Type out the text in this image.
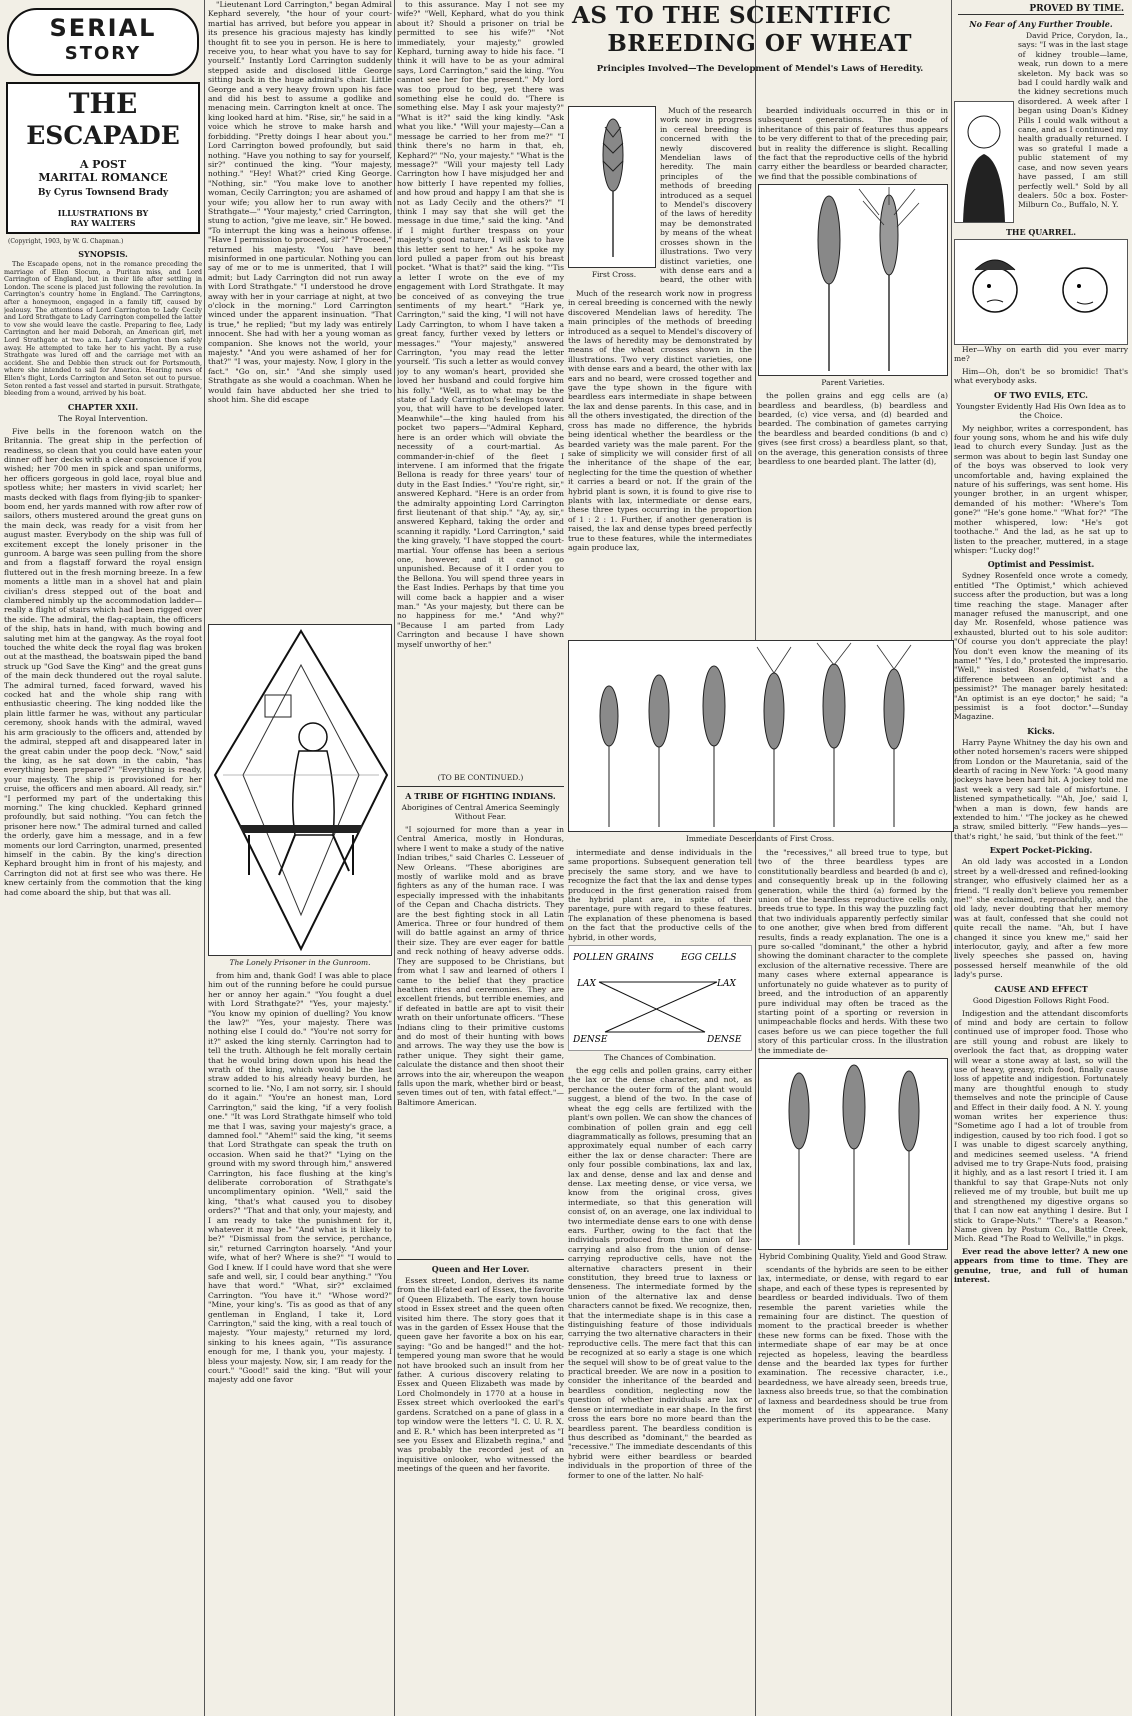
SERIAL
STORY
THE
ESCAPADE
A POST
MARITAL ROMANCE
By Cyrus Townsend Brady
ILLUSTRATIONS BY
RAY WALTERS
(Copyright, 1903, by W. G. Chapman.)
SYNOPSIS.

The Escapade opens, not in the romance preceding the marriage of Ellen Slocum, a Puritan miss, and Lord Carrington of England, but in their life after settling in London. The scene is placed just following the revolution. In Carrington's country home in England. The Carringtons, after a honeymoon, engaged in a family tiff, caused by jealousy. The attentions of Lord Carrington to Lady Cecily and Lord Strathgate to Lady Carrington compelled the latter to vow she would leave the castle. Preparing to flee, Lady Carrington and her maid Deborah, an American girl, met Lord Strathgate at two a.m. Lady Carrington then safely away. He attempted to take her to his yacht. By a ruse Strathgate was lured off and the carriage met with an accident. She and Debbie then struck out for Portsmouth, where she intended to sail for America. Hearing news of Ellen's flight, Lords Carrington and Seton set out to pursue. Seton rented a fast vessel and started in pursuit. Strathgate, bleeding from a wound, arrived by his boat.

CHAPTER XXII.
The Royal Intervention.

Five bells in the forenoon watch on the Britannia. The great ship in the perfection of readiness, so clean that you could have eaten your dinner off her decks with a clear conscience if you wished; her 700 men in spick and span uniforms, her officers gorgeous in gold lace, royal blue and spotless white; her masters in vivid scarlet; her masts decked with flags from flying-jib to spanker-boom end, her yards manned with row after row of sailors, others mustered around the great guns on the main deck, was ready for a visit from her august master. Everybody on the ship was full of excitement except the lonely prisoner in the gunroom. A barge was seen pulling from the shore and from a flagstaff forward the royal ensign fluttered out in the fresh morning breeze. In a few moments a little man in a shovel hat and plain civilian's dress stepped out of the boat and clambered nimbly up the accommodation ladder—really a flight of stairs which had been rigged over the side. The admiral, the flag-captain, the officers of the ship, hats in hand, with much bowing and saluting met him at the gangway. As the royal foot touched the white deck the royal flag was broken out at the masthead, the boatswain piped the band struck up "God Save the King" and the great guns of the main deck thundered out the royal salute. The admiral turned, faced forward, waved his cocked hat and the whole ship rang with enthusiastic cheering. The king nodded like the plain little farmer he was, without any particular ceremony, shook hands with the admiral, waved his arm graciously to the officers and, attended by the admiral, stepped aft and disappeared later in the great cabin under the poop deck. "Now," said the king, as he sat down in the cabin, "has everything been prepared?" "Everything is ready, your majesty. The ship is provisioned for her cruise, the officers and men aboard. All ready, sir." "I performed my part of the undertaking this morning." The king chuckled. Kephard grinned profoundly, but said nothing. "You can fetch the prisoner here now." The admiral turned and called the orderly, gave him a message, and in a few moments our lord Carrington, unarmed, presented himself in the cabin. By the king's direction Kephard brought him in front of his majesty, and Carrington did not at first see who was there. He knew certainly from the commotion that the king had come aboard the ship, but that was all.

"Lieutenant Lord Carrington," began Admiral Kephard severely, "the hour of your court-martial has arrived, but before you appear in its presence his gracious majesty has kindly thought fit to see you in person. He is here to receive you, to hear what you have to say for yourself." Instantly Lord Carrington suddenly stepped aside and disclosed little George sitting back in the huge admiral's chair. Little George and a very heavy frown upon his face and did his best to assume a godlike and menacing mein. Carrington knelt at once. The king looked hard at him. "Rise, sir," he said in a voice which he strove to make harsh and forbidding. "Pretty doings I hear about you." Lord Carrington bowed profoundly, but said nothing. "Have you nothing to say for yourself, sir?" continued the king. "Your majesty, nothing." "Hey! What?" cried King George. "Nothing, sir." "You make love to another woman, Cecily Carrington; you are ashamed of your wife; you allow her to run away with Strathgate—" "Your majesty," cried Carrington, stung to action, "give me leave, sir." He bowed. "To interrupt the king was a heinous offense. "Have I permission to proceed, sir?" "Proceed," returned his majesty. "You have been misinformed in one particular. Nothing you can say of me or to me is unmerited, that I will admit; but Lady Carrington did not run away with Lord Strathgate." "I understood he drove away with her in your carriage at night, at two o'clock in the morning." Lord Carrington winced under the apparent insinuation. "That is true," he replied; "but my lady was entirely innocent. She had with her a young woman as companion. She knows not the world, your majesty." "And you were ashamed of her for that?" "I was, your majesty. Now, I glory in the fact." "Go on, sir." "And she simply used Strathgate as she would a coachman. When he would fain have abducted her she tried to shoot him. She did escape

The Lonely Prisoner in the Gunroom.

from him and, thank God! I was able to place him out of the running before he could pursue her or annoy her again." "You fought a duel with Lord Strathgate?" "Yes, your majesty." "You know my opinion of duelling? You know the law?" "Yes, your majesty. There was nothing else I could do." "You're not sorry for it?" asked the king sternly. Carrington had to tell the truth. Although he felt morally certain that he would bring down upon his head the wrath of the king, which would be the last straw added to his already heavy burden, he scorned to lie. "No, I am not sorry, sir. I should do it again." "You're an honest man, Lord Carrington," said the king, "if a very foolish one." "It was Lord Strathgate himself who told me that I was, saving your majesty's grace, a damned fool." "Ahem!" said the king, "it seems that Lord Strathgate can speak the truth on occasion. When said he that?" "Lying on the ground with my sword through him," answered Carrington, his face flushing at the king's deliberate corroboration of Strathgate's uncomplimentary opinion. "Well," said the king, "that's what caused you to disobey orders?" "That and that only, your majesty, and I am ready to take the punishment for it, whatever it may be." "And what is it likely to be?" "Dismissal from the service, perchance, sir," returned Carrington hoarsely. "And your wife, what of her? Where is she?" "I would to God I knew. If I could have word that she were safe and well, sir, I could bear anything." "You have that word." "What, sir?" exclaimed Carrington. "You have it." "Whose word?" "Mine, your king's. 'Tis as good as that of any gentleman in England, I take it, Lord Carrington," said the king, with a real touch of majesty. "Your majesty," returned my lord, sinking to his knees again, "'Tis assurance enough for me, I thank you, your majesty. I bless your majesty. Now, sir, I am ready for the court." "Good!" said the king. "But will your majesty add one favor

to this assurance. May I not see my wife?" "Well, Kephard, what do you think about it? Should a prisoner on trial be permitted to see his wife?" "Not immediately, your majesty," growled Kephard, turning away to hide his face. "I think it will have to be as your admiral says, Lord Carrington," said the king. "You cannot see her for the present." My lord was too proud to beg, yet there was something else he could do. "There is something else. May I ask your majesty?" "What is it?" said the king kindly. "Ask what you like." "Will your majesty—Can a message be carried to her from me?" "I think there's no harm in that, eh, Kephard?" "No, your majesty." "What is the message?" "Will your majesty tell Lady Carrington how I have misjudged her and how bitterly I have repented my follies, and how proud and happy I am that she is not as Lady Cecily and the others?" "I think I may say that she will get the message in due time," said the king. "And if I might further trespass on your majesty's good nature, I will ask to have this letter sent to her." As he spoke my lord pulled a paper from out his breast pocket. "What is that?" said the king. "'Tis a letter I wrote on the eve of my engagement with Lord Strathgate. It may be conceived of as conveying the true sentiments of my heart." "Hark ye, Carrington," said the king, "I will not have Lady Carrington, to whom I have taken a great fancy, further vexed by letters or messages." "Your majesty," answered Carrington, "you may read the letter yourself. 'Tis such a letter as would convey joy to any woman's heart, provided she loved her husband and could forgive him his folly." "Well, as to what may be the state of Lady Carrington's feelings toward you, that will have to be developed later. Meanwhile"—the king hauled from his pocket two papers—"Admiral Kephard, here is an order which will obviate the necessity of a court-martial. As commander-in-chief of the fleet I intervene. I am informed that the frigate Bellona is ready for three years' tour of duty in the East Indies." "You're right, sir," answered Kephard. "Here is an order from the admiralty appointing Lord Carrington first lieutenant of that ship." "Ay, ay, sir," answered Kephard, taking the order and scanning it rapidly. "Lord Carrington," said the king gravely, "I have stopped the court-martial. Your offense has been a serious one, however, and it cannot go unpunished. Because of it I order you to the Bellona. You will spend three years in the East Indies. Perhaps by that time you will come back a happier and a wiser man." "As your majesty, but there can be no happiness for me." "And why?" "Because I am parted from Lady Carrington and because I have shown myself unworthy of her."

(TO BE CONTINUED.)
A TRIBE OF FIGHTING INDIANS.
Aborigines of Central America Seemingly Without Fear.

"I sojourned for more than a year in Central America, mostly in Honduras, where I went to make a study of the native Indian tribes," said Charles C. Lesseuer of New Orleans. "These aborigines are mostly of warlike mold and as brave fighters as any of the human race. I was especially impressed with the inhabitants of the Cepan and Chacha districts. They are the best fighting stock in all Latin America. Three or four hundred of them will do battle against an army of thrice their size. They are ever eager for battle and reck nothing of heavy adverse odds. They are supposed to be Christians, but from what I saw and learned of others I came to the belief that they practice heathen rites and ceremonies. They are excellent friends, but terrible enemies, and if defeated in battle are apt to visit their wrath on their unfortunate officers. "These Indians cling to their primitive customs and do most of their hunting with bows and arrows. The way they use the bow is rather unique. They sight their game, calculate the distance and then shoot their arrows into the air, whereupon the weapon falls upon the mark, whether bird or beast, seven times out of ten, with fatal effect."—Baltimore American.

Queen and Her Lover.

Essex street, London, derives its name from the ill-fated earl of Essex, the favorite of Queen Elizabeth. The early town house stood in Essex street and the queen often visited him there. The story goes that it was in the garden of Essex House that the queen gave her favorite a box on his ear, saying: "Go and be hanged!" and the hot-tempered young man swore that he would not have brooked such an insult from her father. A curious discovery relating to Essex and Queen Elizabeth was made by Lord Cholmondely in 1770 at a house in Essex street which overlooked the earl's gardens. Scratched on a pane of glass in a top window were the letters "I. C. U. R. X. and E. R." which has been interpreted as "I see you Essex and Elizabeth regina," and was probably the recorded jest of an inquisitive onlooker, who witnessed the meetings of the queen and her favorite.

AS TO THE SCIENTIFIC
BREEDING OF WHEAT
Principles Involved—The Development of Mendel's Laws of Heredity.
First Cross.

Much of the research work now in progress in cereal breeding is concerned with the newly discovered Mendelian laws of heredity. The main principles of the methods of breeding introduced as a sequel to Mendel's discovery of the laws of heredity may be demonstrated by means of the wheat crosses shown in the illustrations. Two very distinct varieties, one with dense ears and a beard, the other with

Much of the research work now in progress in cereal breeding is concerned with the newly discovered Mendelian laws of heredity. The main principles of the methods of breeding introduced as a sequel to Mendel's discovery of the laws of heredity may be demonstrated by means of the wheat crosses shown in the illustrations. Two very distinct varieties, one with dense ears and a beard, the other with lax ears and no beard, were crossed together and gave the type shown in the figure with beardless ears intermediate in shape between the lax and dense parents. In this case, and in all the others investigated, the direction of the cross has made no difference, the hybrids being identical whether the beardless or the bearded variety was the male parent. For the sake of simplicity we will consider first of all the inheritance of the shape of the ear, neglecting for the time the question of whether it carries a beard or not. If the grain of the hybrid plant is sown, it is found to give rise to plants with lax, intermediate or dense ears, these three types occurring in the proportion of 1 : 2 : 1. Further, if another generation is raised, the lax and dense types breed perfectly true to these features, while the intermediates again produce lax,

bearded individuals occurred in this or in subsequent generations. The mode of inheritance of this pair of features thus appears to be very different to that of the preceding pair, but in reality the difference is slight. Recalling the fact that the reproductive cells of the hybrid carry either the beardless or bearded character, we find that the possible combinations of

Parent Varieties.

the pollen grains and egg cells are (a) beardless and beardless, (b) beardless and bearded, (c) vice versa, and (d) bearded and bearded. The combination of gametes carrying the beardless and bearded conditions (b and c) gives (see first cross) a beardless plant, so that, on the average, this generation consists of three beardless to one bearded plant. The latter (d),

Immediate Descendants of First Cross.

intermediate and dense individuals in the same proportions. Subsequent generation tell precisely the same story, and we have to recognize the fact that the lax and dense types produced in the first generation raised from the hybrid plant are, in spite of their parentage, pure with regard to these features. The explanation of these phenomena is based on the fact that the productive cells of the hybrid, in other words,

POLLEN GRAINS	EGG CELLS
LAX	LAX
DENSE	DENSE
The Chances of Combination.

the egg cells and pollen grains, carry either the lax or the dense character, and not, as perchance the outer form of the plant would suggest, a blend of the two. In the case of wheat the egg cells are fertilized with the plant's own pollen. We can show the chances of combination of pollen grain and egg cell diagrammatically as follows, presuming that an approximately equal number of each carry either the lax or dense character: There are only four possible combinations, lax and lax, lax and dense, dense and lax and dense and dense. Lax meeting dense, or vice versa, we know from the original cross, gives intermediate, so that this generation will consist of, on an average, one lax individual to two intermediate dense ears to one with dense ears. Further, owing to the fact that the individuals produced from the union of lax-carrying and also from the union of dense-carrying reproductive cells, have not the alternative characters present in their constitution, they breed true to laxness or denseness. The intermediate formed by the union of the alternative lax and dense characters cannot be fixed. We recognize, then, that the intermediate shape is in this case a distinguishing feature of those individuals carrying the two alternative characters in their reproductive cells. The mere fact that this can be recognized at so early a stage is one which the sequel will show to be of great value to the practical breeder. We are now in a position to consider the inheritance of the bearded and beardless condition, neglecting now the question of whether individuals are lax or dense or intermediate in ear shape. In the first cross the ears bore no more beard than the beardless parent. The beardless condition is thus described as "dominant," the bearded as "recessive." The immediate descendants of this hybrid were either beardless or bearded individuals in the proportion of three of the former to one of the latter. No half-

the "recessives," all breed true to type, but two of the three beardless types are constitutionally beardless and bearded (b and c), and consequently break up in the following generation, while the third (a) formed by the union of the beardless reproductive cells only, breeds true to type. In this way the puzzling fact that two individuals apparently perfectly similar to one another, give when bred from different results, finds a ready explanation. The one is a pure so-called "dominant," the other a hybrid showing the dominant character to the complete exclusion of the alternative recessive. There are many cases where external appearance is unfortunately no guide whatever as to purity of breed, and the introduction of an apparently pure individual may often be traced as the starting point of a sporting or reversion in unimpeachable flocks and herds. With these two cases before us we can piece together the full story of this particular cross. In the illustration the immediate de-

Hybrid Combining Quality, Yield and Good Straw.

scendants of the hybrids are seen to be either lax, intermediate, or dense, with regard to ear shape, and each of these types is represented by beardless or bearded individuals. Two of them resemble the parent varieties while the remaining four are distinct. The question of moment to the practical breeder is whether these new forms can be fixed. Those with the intermediate shape of ear may be at once rejected as hopeless, leaving the beardless dense and the bearded lax types for further examination. The recessive character, i.e., beardedness, we have already seen, breeds true, laxness also breeds true, so that the combination of laxness and beardedness should be true from the moment of its appearance. Many experiments have proved this to be the case.

PROVED BY TIME.
No Fear of Any Further Trouble.

David Price, Corydon, Ia., says: "I was in the last stage of kidney trouble—lame, weak, run down to a mere skeleton. My back was so bad I could hardly walk and the kidney secretions much disordered. A week after I began using Doan's Kidney Pills I could walk without a cane, and as I continued my health gradually returned. I was so grateful I made a public statement of my case, and now seven years have passed, I am still perfectly well." Sold by all dealers. 50c a box. Foster-Milburn Co., Buffalo, N. Y.

THE QUARREL.

Her—Why on earth did you ever marry me?

Him—Oh, don't be so bromidic! That's what everybody asks.

OF TWO EVILS, ETC.
Youngster Evidently Had His Own Idea as to the Choice.

My neighbor, writes a correspondent, has four young sons, whom he and his wife duly lead to church every Sunday. Just as the sermon was about to begin last Sunday one of the boys was observed to look very uncomfortable and, having explained the nature of his sufferings, was sent home. His younger brother, in an urgent whisper, demanded of his mother: "Where's Tom gone?" "He's gone home." "What for?" "The mother whispered, low: "He's got toothache." And the lad, as he sat up to listen to the preacher, muttered, in a stage whisper: "Lucky dog!"

Optimist and Pessimist.

Sydney Rosenfeld once wrote a comedy, entitled "The Optimist," which achieved success after the production, but was a long time reaching the stage. Manager after manager refused the manuscript, and one day Mr. Rosenfeld, whose patience was exhausted, blurted out to his sole auditor: "Of course you don't appreciate the play! You don't even know the meaning of its name!" "Yes, I do," protested the impresario. "Well," insisted Rosenfeld, "what's the difference between an optimist and a pessimist?" The manager barely hesitated: "An optimist is an eye doctor," he said; "a pessimist is a foot doctor."—Sunday Magazine.

Kicks.

Harry Payne Whitney the day his own and other noted horsemen's racers were shipped from London or the Mauretania, said of the dearth of racing in New York: "A good many jockeys have been hard hit. A jockey told me last week a very sad tale of misfortune. I listened sympathetically. "'Ah, Joe,' said I, 'when a man is down, few hands are extended to him.' "The jockey as he chewed a straw, smiled bitterly. "'Few hands—yes—that's right,' he said, 'but think of the feet.'"

Expert Pocket-Picking.

An old lady was accosted in a London street by a well-dressed and refined-looking stranger, who effusively claimed her as a friend. "I really don't believe you remember me!" she exclaimed, reproachfully, and the old lady, never doubting that her memory was at fault, confessed that she could not quite recall the name. "Ah, but I have changed it since you knew me," said her interlocutor, gayly, and after a few more lively speeches she passed on, having possessed herself meanwhile of the old lady's purse.

CAUSE AND EFFECT
Good Digestion Follows Right Food.

Indigestion and the attendant discomforts of mind and body are certain to follow continued use of improper food. Those who are still young and robust are likely to overlook the fact that, as dropping water will wear a stone away at last, so will the use of heavy, greasy, rich food, finally cause loss of appetite and indigestion. Fortunately many are thoughtful enough to study themselves and note the principle of Cause and Effect in their daily food. A N. Y. young woman writes her experience thus: "Sometime ago I had a lot of trouble from indigestion, caused by too rich food. I got so I was unable to digest scarcely anything, and medicines seemed useless. "A friend advised me to try Grape-Nuts food, praising it highly, and as a last resort I tried it. I am thankful to say that Grape-Nuts not only relieved me of my trouble, but built me up and strengthened my digestive organs so that I can now eat anything I desire. But I stick to Grape-Nuts." "There's a Reason." Name given by Postum Co., Battle Creek, Mich. Read "The Road to Wellville," in pkgs.

Ever read the above letter? A new one appears from time to time. They are genuine, true, and full of human interest.
